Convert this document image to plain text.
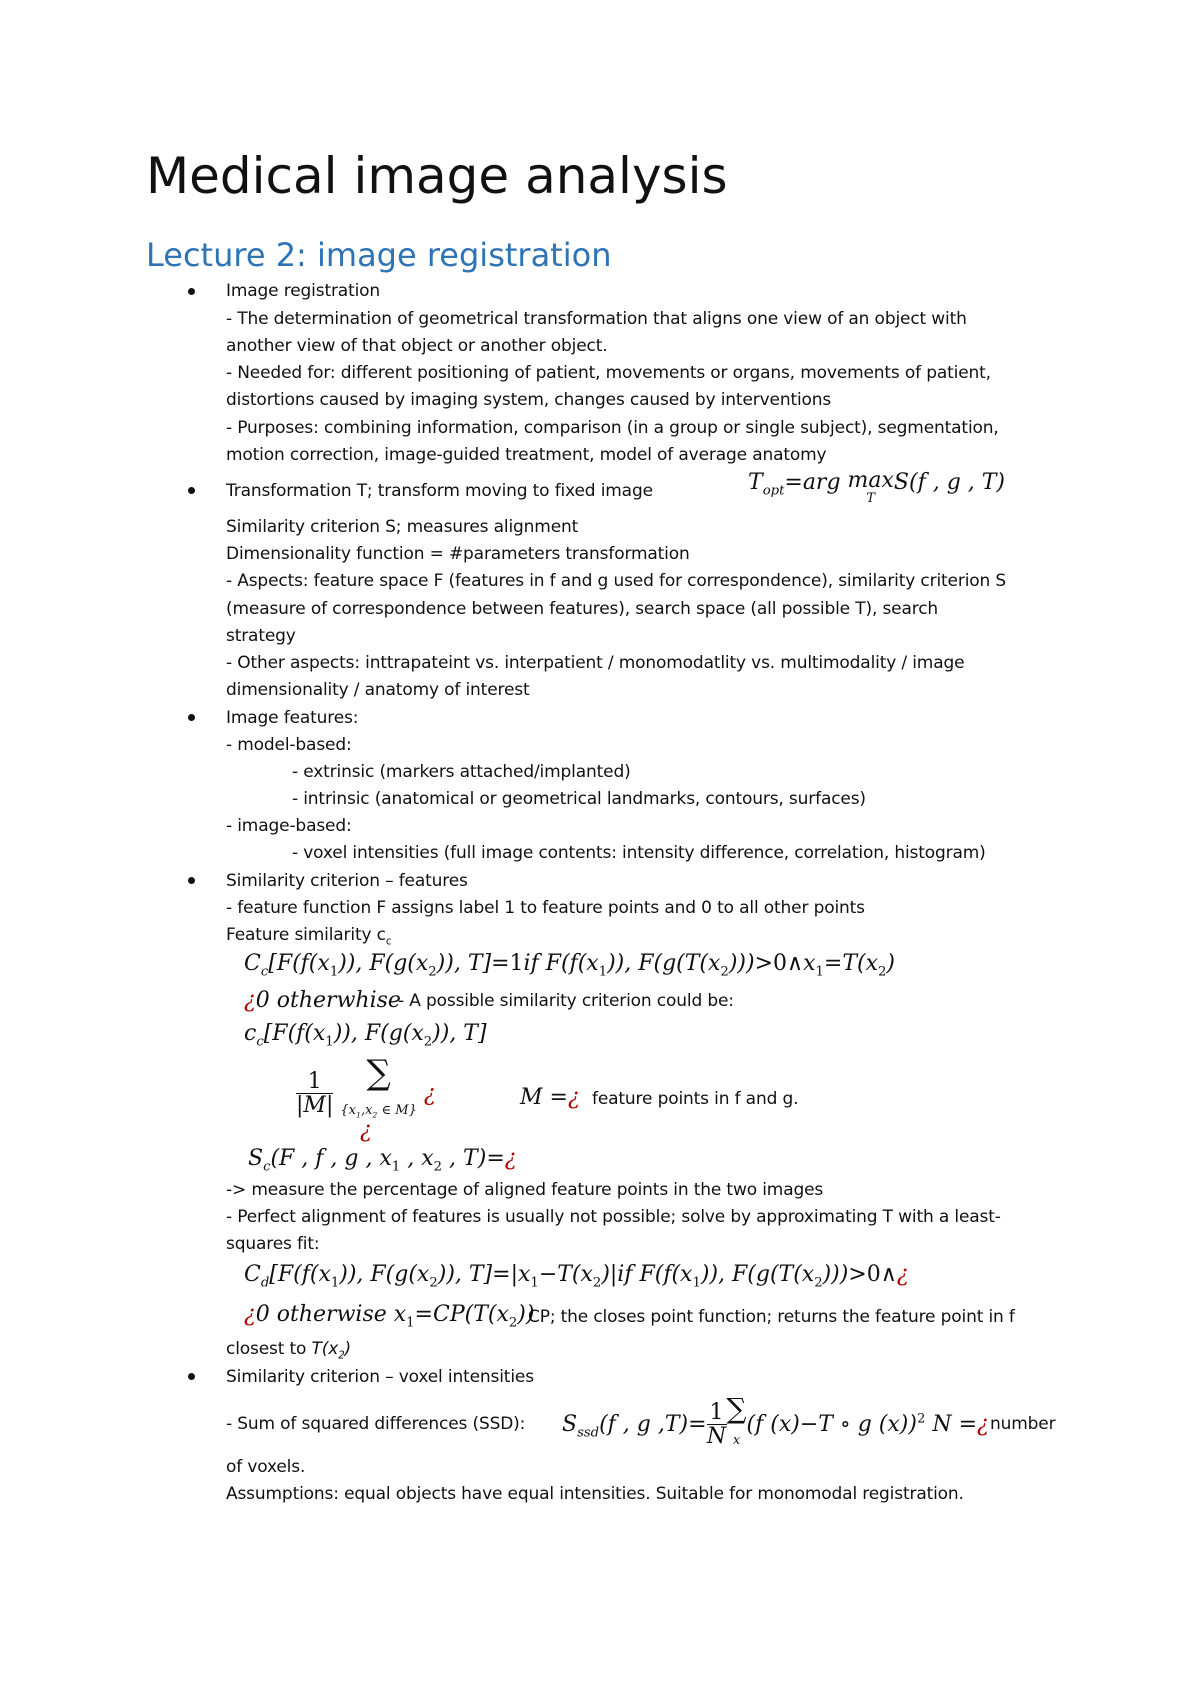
Medical image analysis
Lecture 2: image registration
Image registration
- The determination of geometrical transformation that aligns one view of an object with
another view of that object or another object.
- Needed for: different positioning of patient, movements or organs, movements of patient,
distortions caused by imaging system, changes caused by interventions
- Purposes: combining information, comparison (in a group or single subject), segmentation,
motion correction, image-guided treatment, model of average anatomy
Transformation T; transform moving to fixed image	$T_{opt}=arg$ max

T
S(f , g , T)
Similarity criterion S; measures alignment
Dimensionality function = #parameters transformation
- Aspects: feature space F (features in f and g used for correspondence), similarity criterion S
(measure of correspondence between features), search space (all possible T), search
strategy
- Other aspects: inttrapateint vs. interpatient / monomodatlity vs. multimodality / image
dimensionality / anatomy of interest
Image features:
- model-based:
- extrinsic (markers attached/implanted)
- intrinsic (anatomical or geometrical landmarks, contours, surfaces)
- image-based:
- voxel intensities (full image contents: intensity difference, correlation, histogram)
Similarity criterion – features
- feature function F assigns label 1 to feature points and 0 to all other points
Feature similarity $c_c$
$C_c[F(f(x_1))$, $F(g(x_2))$, T]=1if $F(f(x_1))$, $F(g(T(x_2)))>0\wedge x_1=T(x_2)$
¿0 otherwhise
- A possible similarity criterion could be:
$c_c[F(f(x_1))$, $F(g(x_2))$, T]
$\frac{1}{|M|}$ ∑
{$x_1,x_2$ ∈ M} ¿
¿
M =¿ feature points in f and g.
$S_c(F$ , f , g , $x_1$ , $x_2$ , T)=¿
-> measure the percentage of aligned feature points in the two images
- Perfect alignment of features is usually not possible; solve by approximating T with a least-
squares fit:
$C_d[F(f(x_1))$, $F(g(x_2))$, $T]=|x_1-T(x_2)|if$ $F(f(x_1))$, $F(g(T(x_2)))>0\wedge¿$
¿0 otherwise $x_1=CP(T(x_2))$
CP; the closes point function; returns the feature point in f
closest to $T(x_2)$
Similarity criterion – voxel intensities
- Sum of squared differences (SSD): $S_{ssd}(f$ , g $,T)= \frac{1}{N}$ ∑
x(f (x)−T ∘ g (x))$^2$ N =¿ number
of voxels.
Assumptions: equal objects have equal intensities. Suitable for monomodal registration.
